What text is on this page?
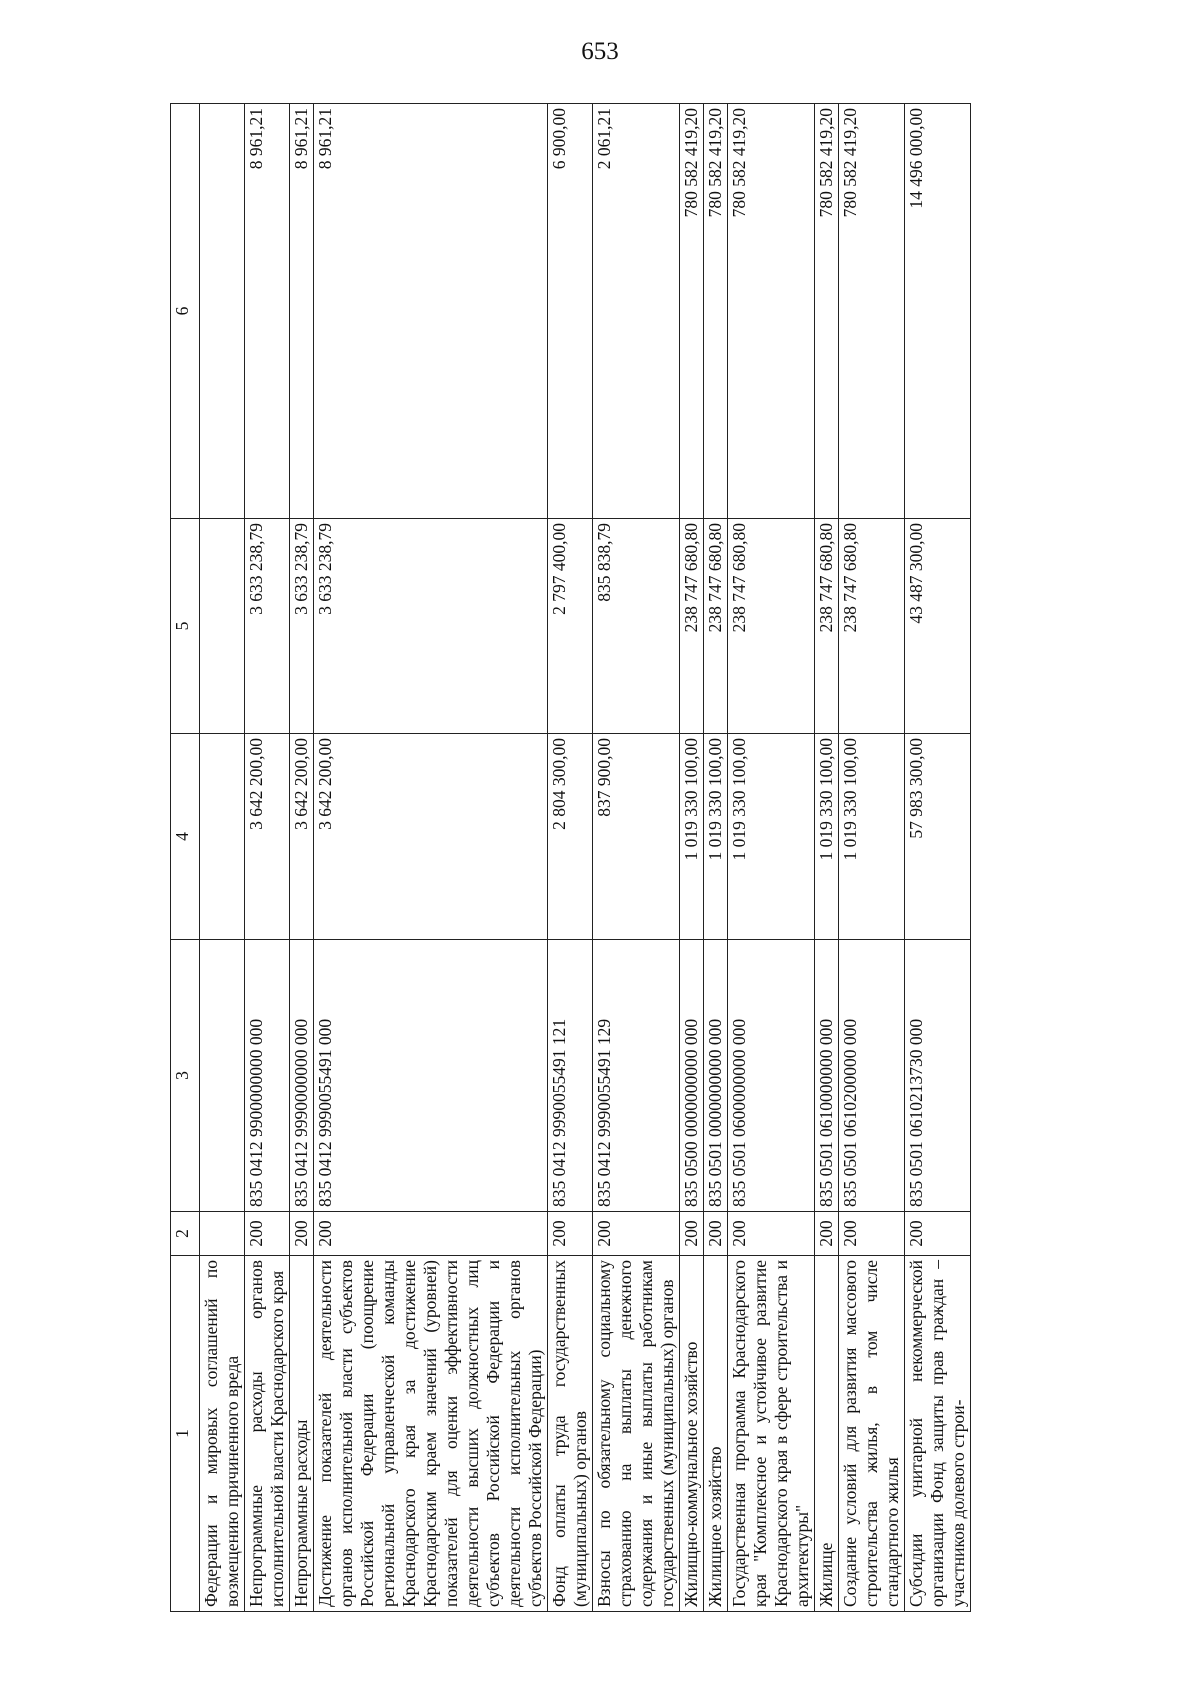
653
1	2	3	4	5	6
Федерации и мировых соглашений по возмещению причиненного вреда					
Непрограммные расходы органов исполнительной власти Краснодарского края	200	835 0412 9900000000 000	3 642 200,00	3 633 238,79	8 961,21
Непрограммные расходы	200	835 0412 9990000000 000	3 642 200,00	3 633 238,79	8 961,21
Достижение показателей деятельности органов исполнительной власти субъектов Российской Федерации (поощрение региональной управленческой команды Краснодарского края за достижение Краснодарским краем значений (уровней) показателей для оценки эффективности деятельности высших должностных лиц субъектов Российской Федерации и деятельности исполнительных органов субъектов Российской Федерации)	200	835 0412 9990055491 000	3 642 200,00	3 633 238,79	8 961,21
Фонд оплаты труда государственных (муниципальных) органов	200	835 0412 9990055491 121	2 804 300,00	2 797 400,00	6 900,00
Взносы по обязательному социальному страхованию на выплаты денежного содержания и иные выплаты работникам государственных (муниципальных) органов	200	835 0412 9990055491 129	837 900,00	835 838,79	2 061,21
Жилищно-коммунальное хозяйство	200	835 0500 0000000000 000	1 019 330 100,00	238 747 680,80	780 582 419,20
Жилищное хозяйство	200	835 0501 0000000000 000	1 019 330 100,00	238 747 680,80	780 582 419,20
Государственная программа Краснодарского края "Комплексное и устойчивое развитие Краснодарского края в сфере строительства и архитектуры"	200	835 0501 0600000000 000	1 019 330 100,00	238 747 680,80	780 582 419,20
Жилище	200	835 0501 0610000000 000	1 019 330 100,00	238 747 680,80	780 582 419,20
Создание условий для развития массового строительства жилья, в том числе стандартного жилья	200	835 0501 0610200000 000	1 019 330 100,00	238 747 680,80	780 582 419,20
Субсидии унитарной некоммерческой организации Фонд защиты прав граждан – участников долевого строи-	200	835 0501 0610213730 000	57 983 300,00	43 487 300,00	14 496 000,00
